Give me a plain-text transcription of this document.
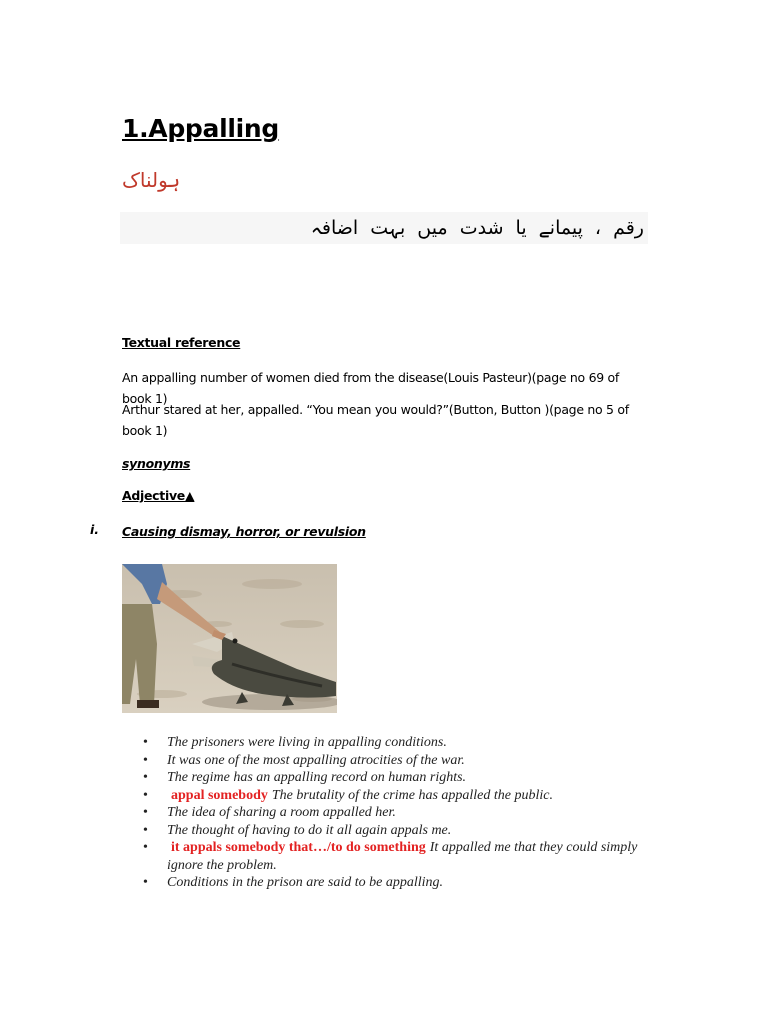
1.Appalling
ہولناک
رقم ، پیمانے یا شدت میں بہت اضافہ
Textual reference
An appalling number of women died from the disease(Louis Pasteur)(page no 69 of book 1)
Arthur stared at her, appalled. “You mean you would?”(Button, Button )(page no 5 of book 1)
synonyms
Adjective▲
i. Causing dismay, horror, or revulsion
• The prisoners were living in appalling conditions.
• It was one of the most appalling atrocities of the war.
• The regime has an appalling record on human rights.
• appal somebody The brutality of the crime has appalled the public.
• The idea of sharing a room appalled her.
• The thought of having to do it all again appals me.
• it appals somebody that…/to do something It appalled me that they could simply ignore the problem.
• Conditions in the prison are said to be appalling.
